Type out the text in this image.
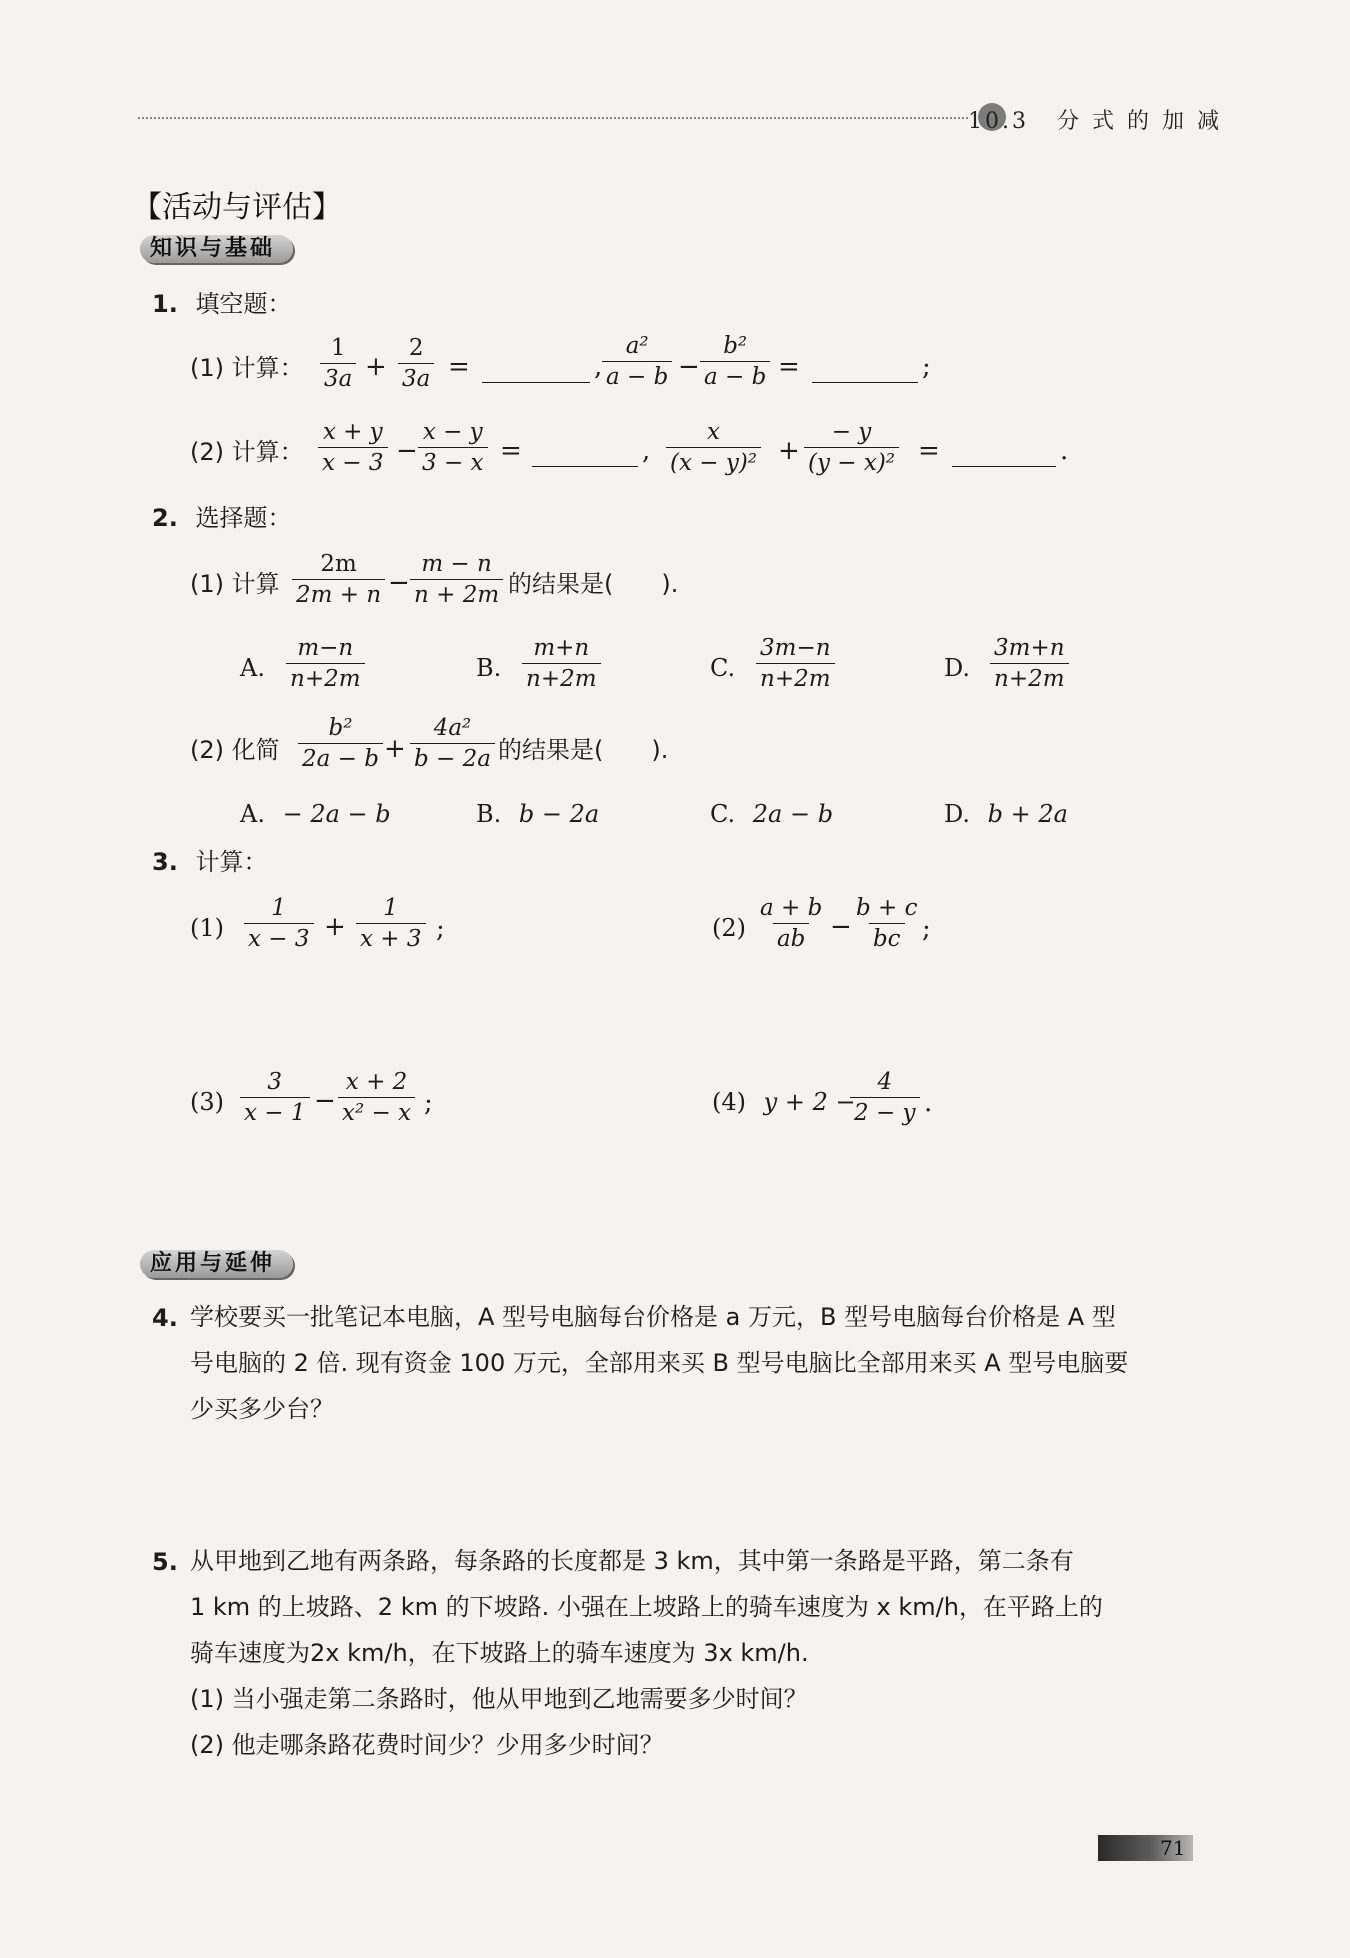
10.3 分 式 的 加 减
【活动与评估】
知识与基础
1. 填空题：
(1) 计算： $\frac{1}{3a} + \frac{2}{3a}$ =	, $\frac{\text{a²}}{a - b} - \frac{\text{b²}}{a - b}$ =	;
(2) 计算： $\frac{x + y}{x - 3} - \frac{x - y}{3 - x}$ =	, $\frac{x}{\text{(x − y)²}} + \frac{- y}{\text{(y − x)²}}$ =	.
2. 选择题：
(1) 计算 $\frac{2m}{2m + n} - \frac{m - n}{n + 2m}$ 的结果是(　　).
A. $\frac{m-n}{n+2m}$	B. $\frac{m+n}{n+2m}$	C. $\frac{3m-n}{n+2m}$	D. $\frac{3m+n}{n+2m}$
(2) 化简 $\frac{\text{b²}}{2a - b} + \frac{\text{4a²}}{b - 2a}$ 的结果是(　　).
A. − 2a − b	B. b − 2a	C. 2a − b	D. b + 2a
3. 计算：
$(1) \frac{1}{x - 3} + \frac{1}{x + 3}$ ;	$(2) \frac{a + b}{ab} - \frac{b + c}{bc}$ ;
$(3) \frac{3}{x - 1} - \frac{x + 2}{\text{x² − x}}$ ;	(4) y + 2 −
$\frac{4}{2 - y}$ .
应用与延伸
4. 学校要买一批笔记本电脑，A 型号电脑每台价格是 a 万元，B 型号电脑每台价格是 A 型
号电脑的 2 倍. 现有资金 100 万元，全部用来买 B 型号电脑比全部用来买 A 型号电脑要
少买多少台？
5. 从甲地到乙地有两条路，每条路的长度都是 3 km，其中第一条路是平路，第二条有
1 km 的上坡路、2 km 的下坡路. 小强在上坡路上的骑车速度为 x km/h，在平路上的
骑车速度为2x km/h，在下坡路上的骑车速度为 3x km/h.
(1) 当小强走第二条路时，他从甲地到乙地需要多少时间？
(2) 他走哪条路花费时间少？少用多少时间？
71
